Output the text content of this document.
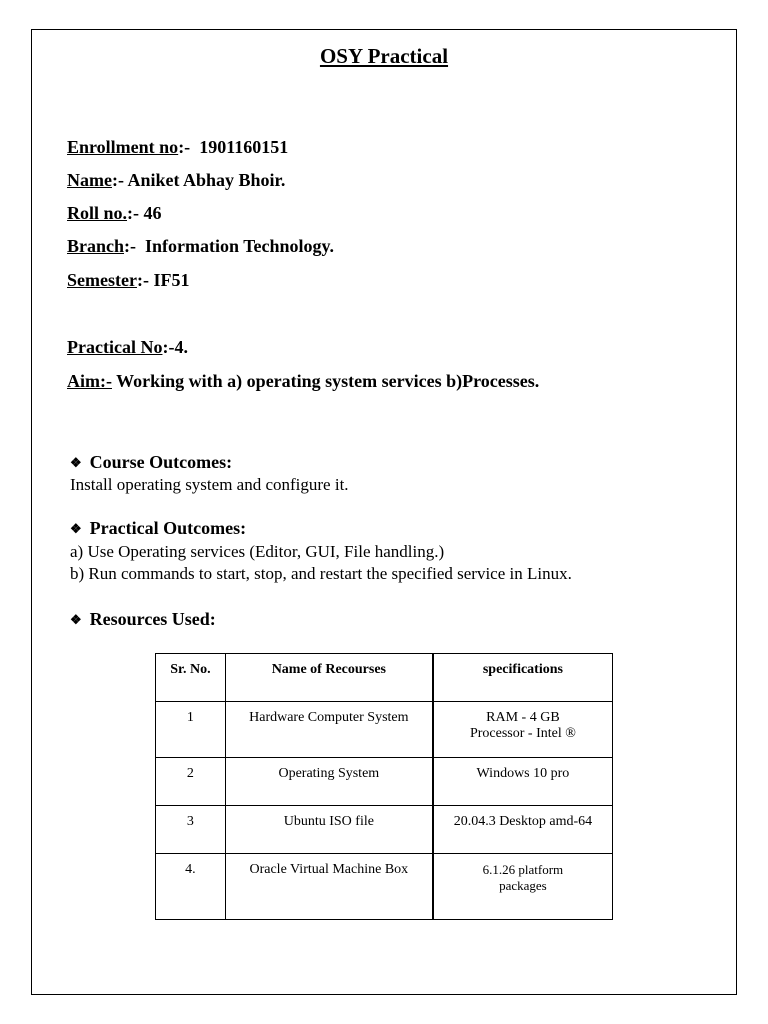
OSY Practical
Enrollment no:-  1901160151
Name:- Aniket Abhay Bhoir.
Roll no.:- 46
Branch:-  Information Technology.
Semester:- IF51
Practical No:-4.
Aim:- Working with a) operating system services b)Processes.
❖ Course Outcomes:
Install operating system and configure it.
❖ Practical Outcomes:
a) Use Operating services (Editor, GUI, File handling.)
b) Run commands to start, stop, and restart the specified service in Linux.
❖ Resources Used:
Sr. No.	Name of Recourses	specifications
1	Hardware Computer System	RAM - 4 GB
Processor - Intel ®

2	Operating System	Windows 10 pro

3	Ubuntu ISO file	20.04.3 Desktop amd-64

4.	Oracle Virtual Machine Box	6.1.26 platform
packages
